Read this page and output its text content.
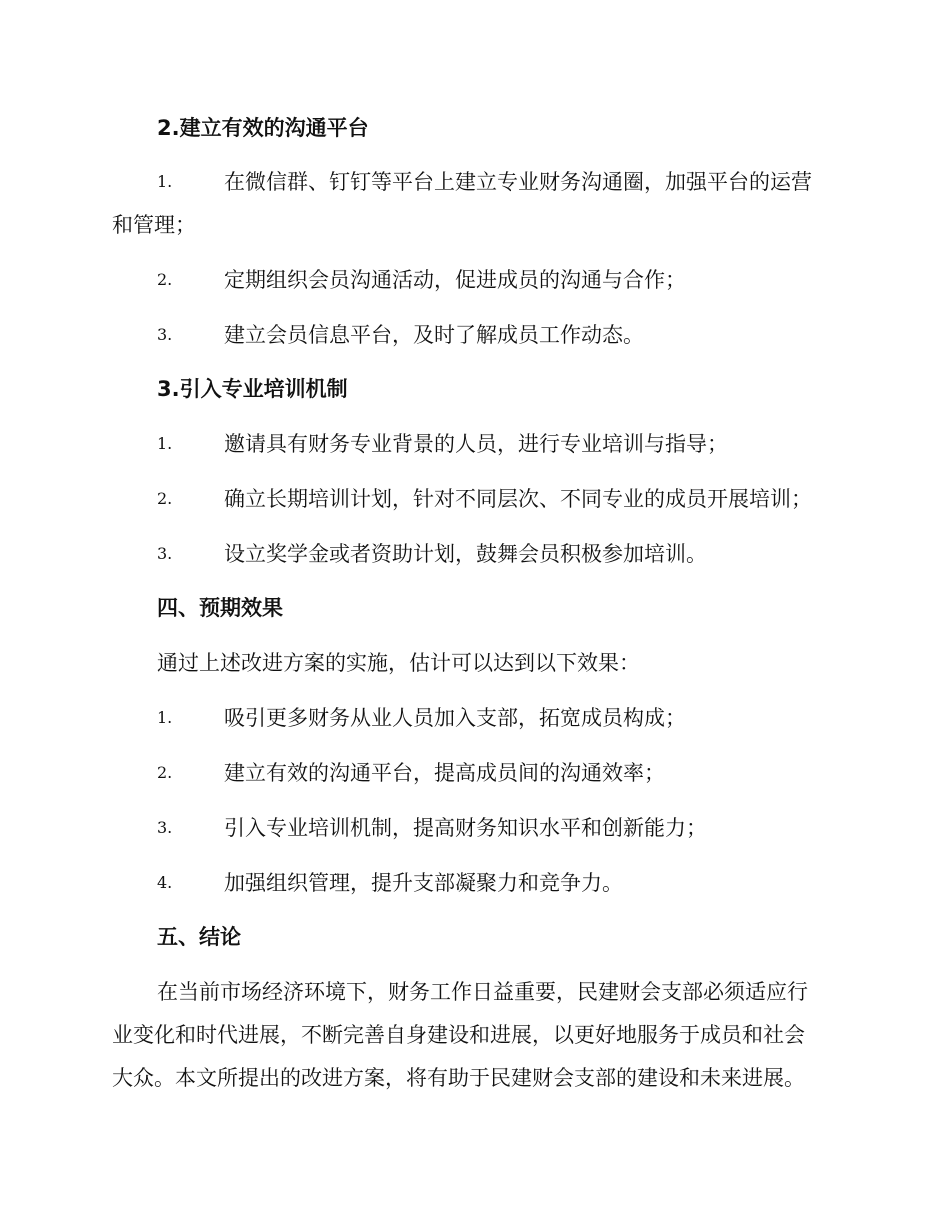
2.建立有效的沟通平台
1. 在微信群、钉钉等平台上建立专业财务沟通圈，加强平台的运营
和管理；
2. 定期组织会员沟通活动，促进成员的沟通与合作；
3. 建立会员信息平台，及时了解成员工作动态。
3.引入专业培训机制
1. 邀请具有财务专业背景的人员，进行专业培训与指导；
2. 确立长期培训计划，针对不同层次、不同专业的成员开展培训；
3. 设立奖学金或者资助计划，鼓舞会员积极参加培训。
四、预期效果
通过上述改进方案的实施，估计可以达到以下效果：
1. 吸引更多财务从业人员加入支部，拓宽成员构成；
2. 建立有效的沟通平台，提高成员间的沟通效率；
3. 引入专业培训机制，提高财务知识水平和创新能力；
4. 加强组织管理，提升支部凝聚力和竞争力。
五、结论
在当前市场经济环境下，财务工作日益重要，民建财会支部必须适应行
业变化和时代进展，不断完善自身建设和进展，以更好地服务于成员和社会
大众。本文所提出的改进方案，将有助于民建财会支部的建设和未来进展。
